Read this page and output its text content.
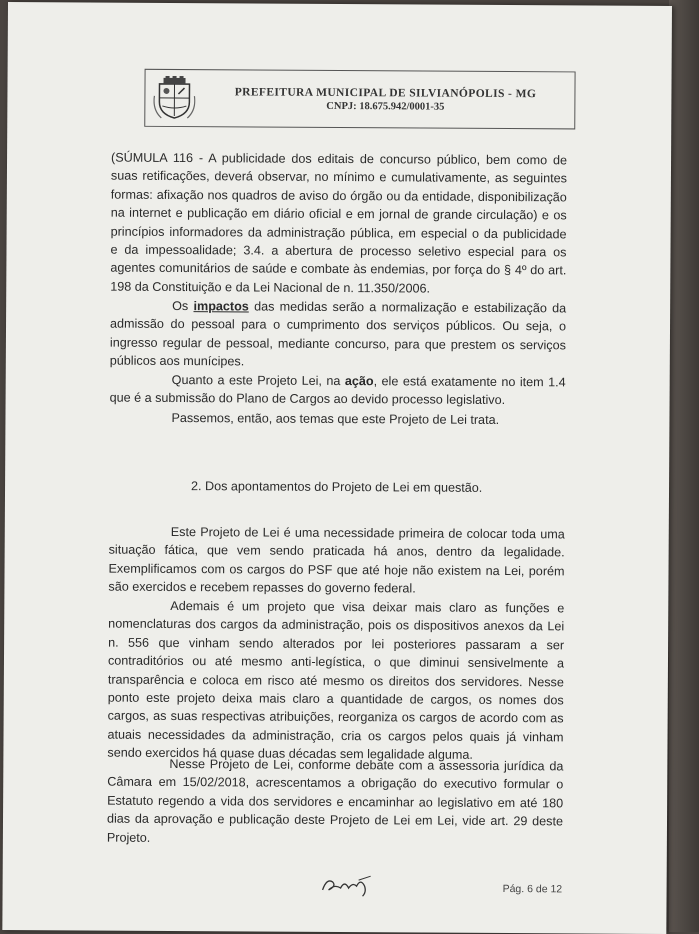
PREFEITURA MUNICIPAL DE SILVIANÓPOLIS - MG
CNPJ: 18.675.942/0001-35
(SÚMULA 116 - A publicidade dos editais de concurso público, bem como de
suas retificações, deverá observar, no mínimo e cumulativamente, as seguintes
formas: afixação nos quadros de aviso do órgão ou da entidade, disponibilização
na internet e publicação em diário oficial e em jornal de grande circulação) e os
princípios informadores da administração pública, em especial o da publicidade
e da impessoalidade; 3.4. a abertura de processo seletivo especial para os
agentes comunitários de saúde e combate às endemias, por força do § 4º do art.
198 da Constituição e da Lei Nacional de n. 11.350/2006.
Os impactos das medidas serão a normalização e estabilização da admissão do pessoal para o cumprimento dos serviços públicos. Ou seja, o ingresso regular de pessoal, mediante concurso, para que prestem os serviços públicos aos munícipes.
Quanto a este Projeto Lei, na ação, ele está exatamente no item 1.4 que é a submissão do Plano de Cargos ao devido processo legislativo.
Passemos, então, aos temas que este Projeto de Lei trata.
2. Dos apontamentos do Projeto de Lei em questão.
Este Projeto de Lei é uma necessidade primeira de colocar toda uma situação fática, que vem sendo praticada há anos, dentro da legalidade. Exemplificamos com os cargos do PSF que até hoje não existem na Lei, porém são exercidos e recebem repasses do governo federal.
Ademais é um projeto que visa deixar mais claro as funções e nomenclaturas dos cargos da administração, pois os dispositivos anexos da Lei n. 556 que vinham sendo alterados por lei posteriores passaram a ser contraditórios ou até mesmo anti-legística, o que diminui sensivelmente a transparência e coloca em risco até mesmo os direitos dos servidores. Nesse ponto este projeto deixa mais claro a quantidade de cargos, os nomes dos cargos, as suas respectivas atribuições, reorganiza os cargos de acordo com as atuais necessidades da administração, cria os cargos pelos quais já vinham sendo exercidos há quase duas décadas sem legalidade alguma.
Nesse Projeto de Lei, conforme debate com a assessoria jurídica da Câmara em 15/02/2018, acrescentamos a obrigação do executivo formular o Estatuto regendo a vida dos servidores e encaminhar ao legislativo em até 180 dias da aprovação e publicação deste Projeto de Lei em Lei, vide art. 29 deste Projeto.
Pág. 6 de 12
